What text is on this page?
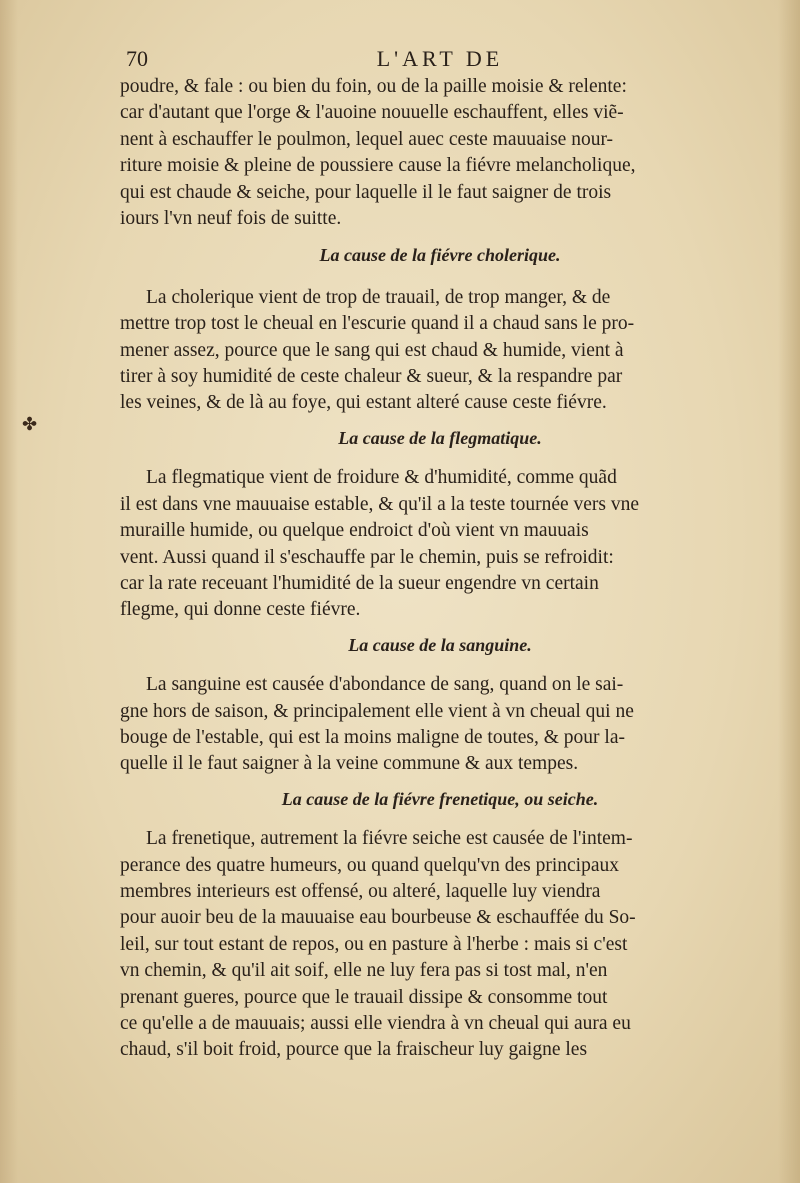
70	L'ART DE
✤
poudre, & fale : ou bien du foin, ou de la paille moisie & relente:
car d'autant que l'orge & l'auoine nouuelle eschauffent, elles viẽ-
nent à eschauffer le poulmon, lequel auec ceste mauuaise nour-
riture moisie & pleine de poussiere cause la fiévre melancholique,
qui est chaude & seiche, pour laquelle il le faut saigner de trois
iours l'vn neuf fois de suitte.
La cause de la fiévre cholerique.
La cholerique vient de trop de trauail, de trop manger, & de
mettre trop tost le cheual en l'escurie quand il a chaud sans le pro-
mener assez, pource que le sang qui est chaud & humide, vient à
tirer à soy humidité de ceste chaleur & sueur, & la respandre par
les veines, & de là au foye, qui estant alteré cause ceste fiévre.
La cause de la flegmatique.
La flegmatique vient de froidure & d'humidité, comme quãd
il est dans vne mauuaise estable, & qu'il a la teste tournée vers vne
muraille humide, ou quelque endroict d'où vient vn mauuais
vent. Aussi quand il s'eschauffe par le chemin, puis se refroidit:
car la rate receuant l'humidité de la sueur engendre vn certain
flegme, qui donne ceste fiévre.
La cause de la sanguine.
La sanguine est causée d'abondance de sang, quand on le sai-
gne hors de saison, & principalement elle vient à vn cheual qui ne
bouge de l'estable, qui est la moins maligne de toutes, & pour la-
quelle il le faut saigner à la veine commune & aux tempes.
La cause de la fiévre frenetique, ou seiche.
La frenetique, autrement la fiévre seiche est causée de l'intem-
perance des quatre humeurs, ou quand quelqu'vn des principaux
membres interieurs est offensé, ou alteré, laquelle luy viendra
pour auoir beu de la mauuaise eau bourbeuse & eschauffée du So-
leil, sur tout estant de repos, ou en pasture à l'herbe : mais si c'est
vn chemin, & qu'il ait soif, elle ne luy fera pas si tost mal, n'en
prenant gueres, pource que le trauail dissipe & consomme tout
ce qu'elle a de mauuais; aussi elle viendra à vn cheual qui aura eu
chaud, s'il boit froid, pource que la fraischeur luy gaigne les
